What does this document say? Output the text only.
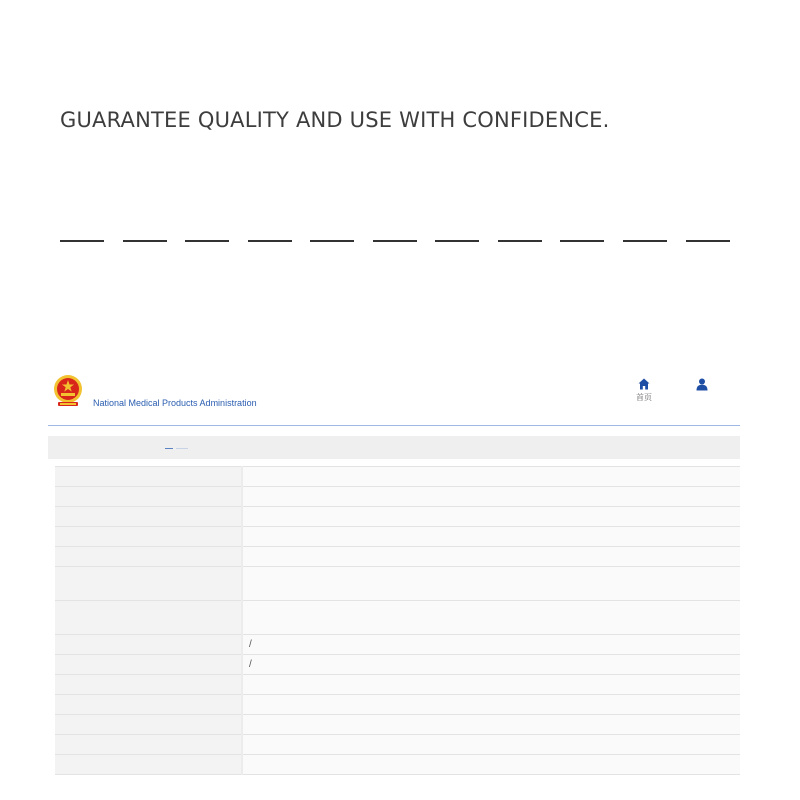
GUARANTEE QUALITY AND USE WITH CONFIDENCE.
National Medical Products Administration
首页

	/
	/
